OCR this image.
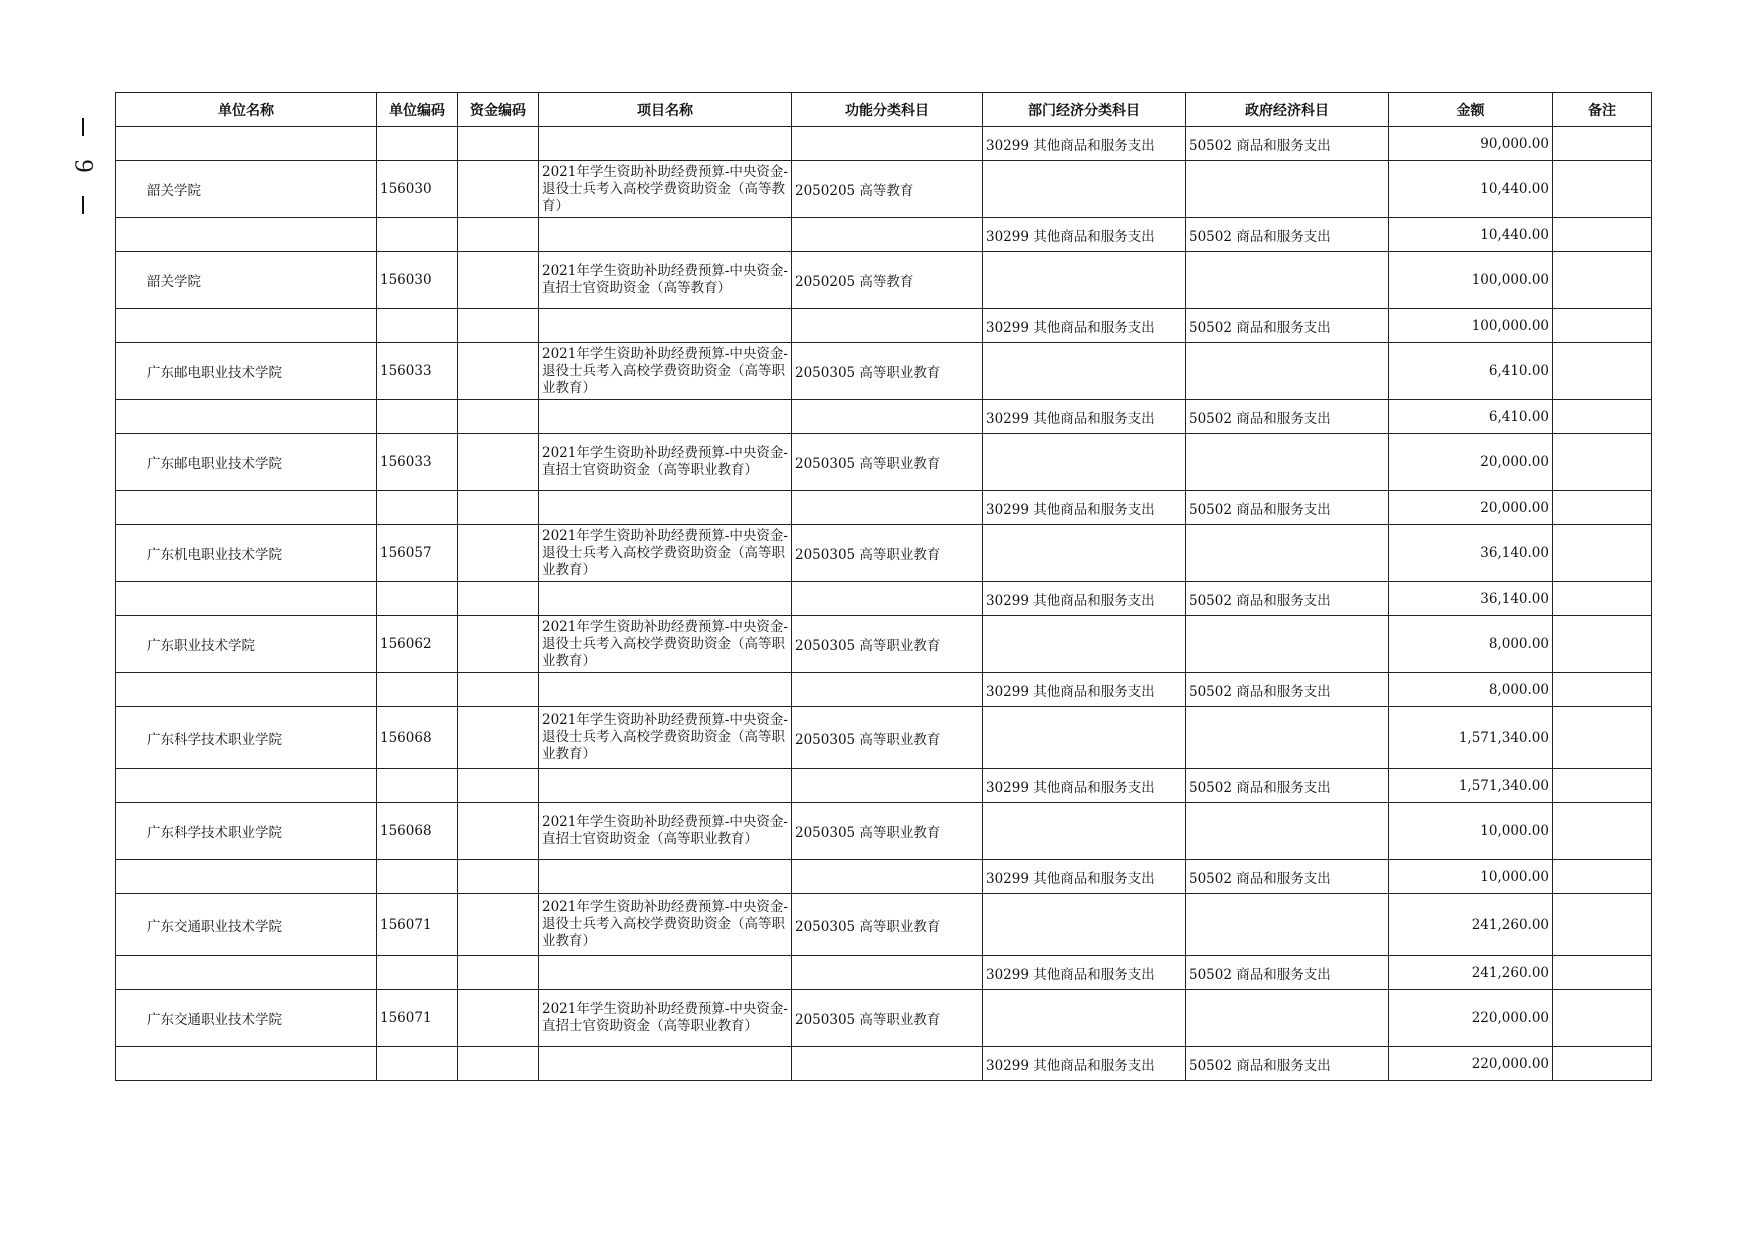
9
单位名称	单位编码	资金编码	项目名称	功能分类科目	部门经济分类科目	政府经济科目	金额	备注
					30299 其他商品和服务支出	50502 商品和服务支出	90,000.00	
韶关学院	156030		2021年学生资助补助经费预算-中央资金-退役士兵考入高校学费资助资金（高等教育）	2050205 高等教育			10,440.00	
					30299 其他商品和服务支出	50502 商品和服务支出	10,440.00	
韶关学院	156030		2021年学生资助补助经费预算-中央资金-直招士官资助资金（高等教育）	2050205 高等教育			100,000.00	
					30299 其他商品和服务支出	50502 商品和服务支出	100,000.00	
广东邮电职业技术学院	156033		2021年学生资助补助经费预算-中央资金-退役士兵考入高校学费资助资金（高等职业教育）	2050305 高等职业教育			6,410.00	
					30299 其他商品和服务支出	50502 商品和服务支出	6,410.00	
广东邮电职业技术学院	156033		2021年学生资助补助经费预算-中央资金-直招士官资助资金（高等职业教育）	2050305 高等职业教育			20,000.00	
					30299 其他商品和服务支出	50502 商品和服务支出	20,000.00	
广东机电职业技术学院	156057		2021年学生资助补助经费预算-中央资金-退役士兵考入高校学费资助资金（高等职业教育）	2050305 高等职业教育			36,140.00	
					30299 其他商品和服务支出	50502 商品和服务支出	36,140.00	
广东职业技术学院	156062		2021年学生资助补助经费预算-中央资金-退役士兵考入高校学费资助资金（高等职业教育）	2050305 高等职业教育			8,000.00	
					30299 其他商品和服务支出	50502 商品和服务支出	8,000.00	
广东科学技术职业学院	156068		2021年学生资助补助经费预算-中央资金-退役士兵考入高校学费资助资金（高等职业教育）	2050305 高等职业教育			1,571,340.00	
					30299 其他商品和服务支出	50502 商品和服务支出	1,571,340.00	
广东科学技术职业学院	156068		2021年学生资助补助经费预算-中央资金-直招士官资助资金（高等职业教育）	2050305 高等职业教育			10,000.00	
					30299 其他商品和服务支出	50502 商品和服务支出	10,000.00	
广东交通职业技术学院	156071		2021年学生资助补助经费预算-中央资金-退役士兵考入高校学费资助资金（高等职业教育）	2050305 高等职业教育			241,260.00	
					30299 其他商品和服务支出	50502 商品和服务支出	241,260.00	
广东交通职业技术学院	156071		2021年学生资助补助经费预算-中央资金-直招士官资助资金（高等职业教育）	2050305 高等职业教育			220,000.00	
					30299 其他商品和服务支出	50502 商品和服务支出	220,000.00	
